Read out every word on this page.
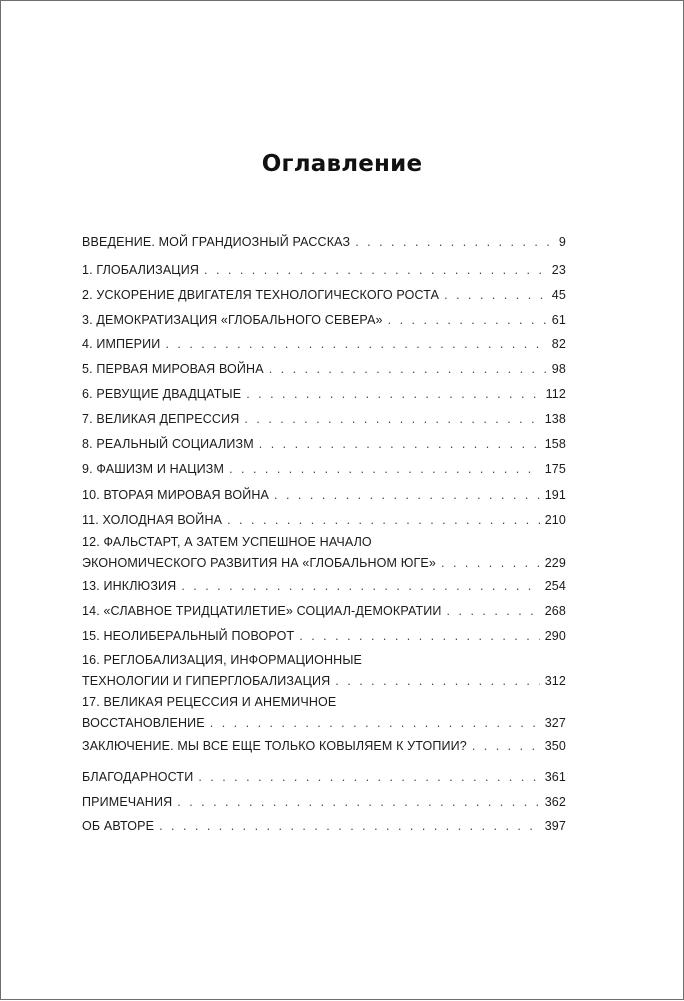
Оглавление
ВВЕДЕНИЕ. МОЙ ГРАНДИОЗНЫЙ РАССКАЗ . . .	9
1. ГЛОБАЛИЗАЦИЯ . . .	23
2. УСКОРЕНИЕ ДВИГАТЕЛЯ ТЕХНОЛОГИЧЕСКОГО РОСТА . . .	45
3. ДЕМОКРАТИЗАЦИЯ «ГЛОБАЛЬНОГО СЕВЕРА» . . .	61
4. ИМПЕРИИ . . .	82
5. ПЕРВАЯ МИРОВАЯ ВОЙНА . . .	98
6. РЕВУЩИЕ ДВАДЦАТЫЕ . . .	112
7. ВЕЛИКАЯ ДЕПРЕССИЯ . . .	138
8. РЕАЛЬНЫЙ СОЦИАЛИЗМ . . .	158
9. ФАШИЗМ И НАЦИЗМ . . .	175
10. ВТОРАЯ МИРОВАЯ ВОЙНА . . .	191
11. ХОЛОДНАЯ ВОЙНА . . .	210
12. ФАЛЬСТАРТ, А ЗАТЕМ УСПЕШНОЕ НАЧАЛО
ЭКОНОМИЧЕСКОГО РАЗВИТИЯ НА «ГЛОБАЛЬНОМ ЮГЕ» . . .	229
13. ИНКЛЮЗИЯ . . .	254
14. «СЛАВНОЕ ТРИДЦАТИЛЕТИЕ» СОЦИАЛ-ДЕМОКРАТИИ . . .	268
15. НЕОЛИБЕРАЛЬНЫЙ ПОВОРОТ . . .	290
16. РЕГЛОБАЛИЗАЦИЯ, ИНФОРМАЦИОННЫЕ
ТЕХНОЛОГИИ И ГИПЕРГЛОБАЛИЗАЦИЯ . . .	312
17. ВЕЛИКАЯ РЕЦЕССИЯ И АНЕМИЧНОЕ
ВОССТАНОВЛЕНИЕ . . .	327
ЗАКЛЮЧЕНИЕ. МЫ ВСЕ ЕЩЕ ТОЛЬКО КОВЫЛЯЕМ К УТОПИИ? . . .	350
БЛАГОДАРНОСТИ . . .	361
ПРИМЕЧАНИЯ . . .	362
ОБ АВТОРЕ . . .	397
